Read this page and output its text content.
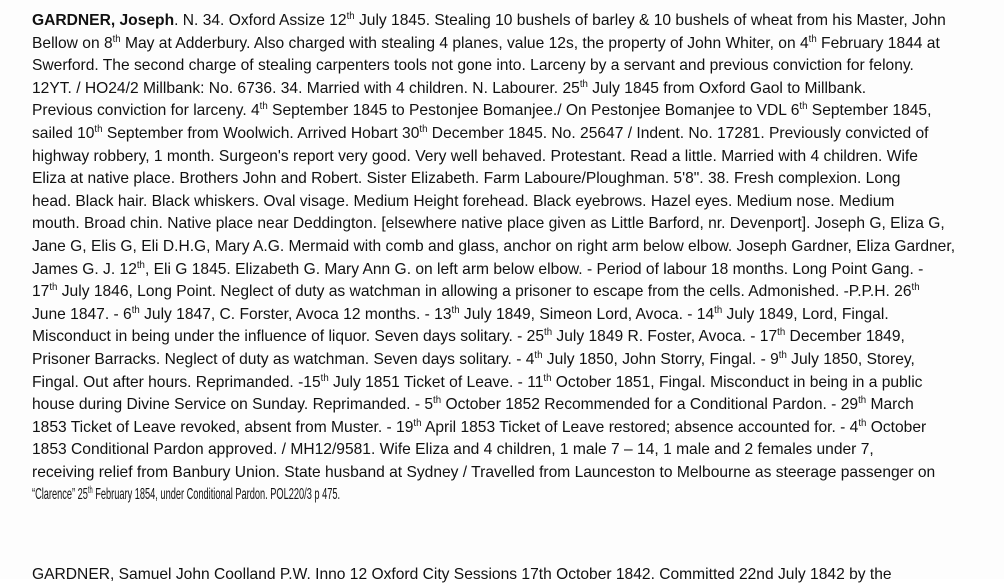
GARDNER, Joseph. N. 34. Oxford Assize 12th July 1845. Stealing 10 bushels of barley & 10 bushels of wheat from his Master, John
Bellow on 8th May at Adderbury. Also charged with stealing 4 planes, value 12s, the property of John Whiter, on 4th February 1844 at
Swerford. The second charge of stealing carpenters tools not gone into. Larceny by a servant and previous conviction for felony.
12YT. / HO24/2 Millbank: No. 6736. 34. Married with 4 children. N. Labourer. 25th July 1845 from Oxford Gaol to Millbank.
Previous conviction for larceny. 4th September 1845 to Pestonjee Bomanjee./ On Pestonjee Bomanjee to VDL 6th September 1845,
sailed 10th September from Woolwich. Arrived Hobart 30th December 1845. No. 25647 / Indent. No. 17281. Previously convicted of
highway robbery, 1 month. Surgeon's report very good. Very well behaved. Protestant. Read a little. Married with 4 children. Wife
Eliza at native place. Brothers John and Robert. Sister Elizabeth. Farm Laboure/Ploughman. 5'8". 38. Fresh complexion. Long
head. Black hair. Black whiskers. Oval visage. Medium Height forehead. Black eyebrows. Hazel eyes. Medium nose. Medium
mouth. Broad chin. Native place near Deddington. [elsewhere native place given as Little Barford, nr. Devenport]. Joseph G, Eliza G,
Jane G, Elis G, Eli D.H.G, Mary A.G. Mermaid with comb and glass, anchor on right arm below elbow. Joseph Gardner, Eliza Gardner,
James G. J. 12th, Eli G 1845. Elizabeth G. Mary Ann G. on left arm below elbow. - Period of labour 18 months. Long Point Gang. -
17th July 1846, Long Point. Neglect of duty as watchman in allowing a prisoner to escape from the cells. Admonished. -P.P.H. 26th
June 1847. - 6th July 1847, C. Forster, Avoca 12 months. - 13th July 1849, Simeon Lord, Avoca. - 14th July 1849, Lord, Fingal.
Misconduct in being under the influence of liquor. Seven days solitary. - 25th July 1849 R. Foster, Avoca. - 17th December 1849,
Prisoner Barracks. Neglect of duty as watchman. Seven days solitary. - 4th July 1850, John Storry, Fingal. - 9th July 1850, Storey,
Fingal. Out after hours. Reprimanded. -15th July 1851 Ticket of Leave. - 11th October 1851, Fingal. Misconduct in being in a public
house during Divine Service on Sunday. Reprimanded. - 5th October 1852 Recommended for a Conditional Pardon. - 29th March
1853 Ticket of Leave revoked, absent from Muster. - 19th April 1853 Ticket of Leave restored; absence accounted for. - 4th October
1853 Conditional Pardon approved. / MH12/9581. Wife Eliza and 4 children, 1 male 7 – 14, 1 male and 2 females under 7,
receiving relief from Banbury Union. State husband at Sydney / Travelled from Launceston to Melbourne as steerage passenger on
“Clarence” 25th February 1854, under Conditional Pardon. POL220/3 p 475.
GARDNER, Samuel John Coolland P.W. Inno 12 Oxford City Sessions 17th October 1842. Committed 22nd July 1842 by the
